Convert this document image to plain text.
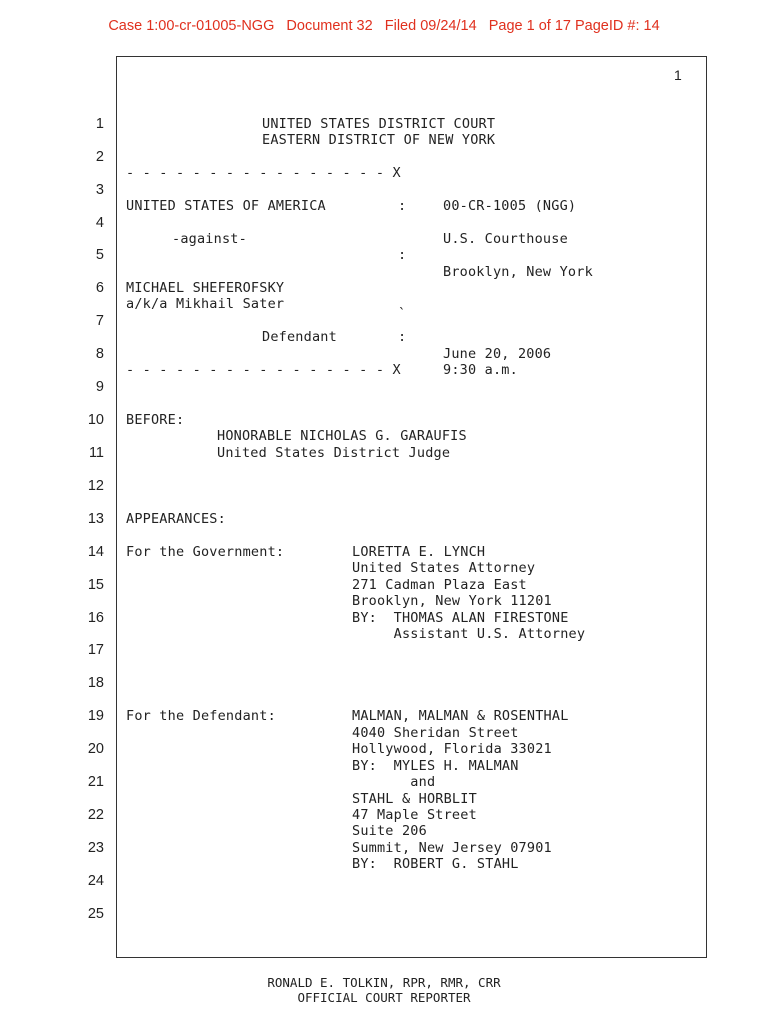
Case 1:00-cr-01005-NGG   Document 32   Filed 09/24/14   Page 1 of 17 PageID #: 14
1
1
2
3
4
5
6
7
8
9
10
11
12
13
14
15
16
17
18
19
20
21
22
23
24
25
UNITED STATES DISTRICT COURT
EASTERN DISTRICT OF NEW YORK
- - - - - - - - - - - - - - - - X
UNITED STATES OF AMERICA	:	00-CR-1005 (NGG)
-against-	U.S. Courthouse
:
Brooklyn, New York
MICHAEL SHEFEROFSKY
a/k/a Mikhail Sater
`
Defendant	:
June 20, 2006
- - - - - - - - - - - - - - - - X	9:30 a.m.
BEFORE:
HONORABLE NICHOLAS G. GARAUFIS
United States District Judge
APPEARANCES:
For the Government:	LORETTA E. LYNCH
United States Attorney
271 Cadman Plaza East
Brooklyn, New York 11201
BY:  THOMAS ALAN FIRESTONE
Assistant U.S. Attorney
For the Defendant:	MALMAN, MALMAN & ROSENTHAL
4040 Sheridan Street
Hollywood, Florida 33021
BY:  MYLES H. MALMAN
and
STAHL & HORBLIT
47 Maple Street
Suite 206
Summit, New Jersey 07901
BY:  ROBERT G. STAHL
RONALD E. TOLKIN, RPR, RMR, CRR
OFFICIAL COURT REPORTER
